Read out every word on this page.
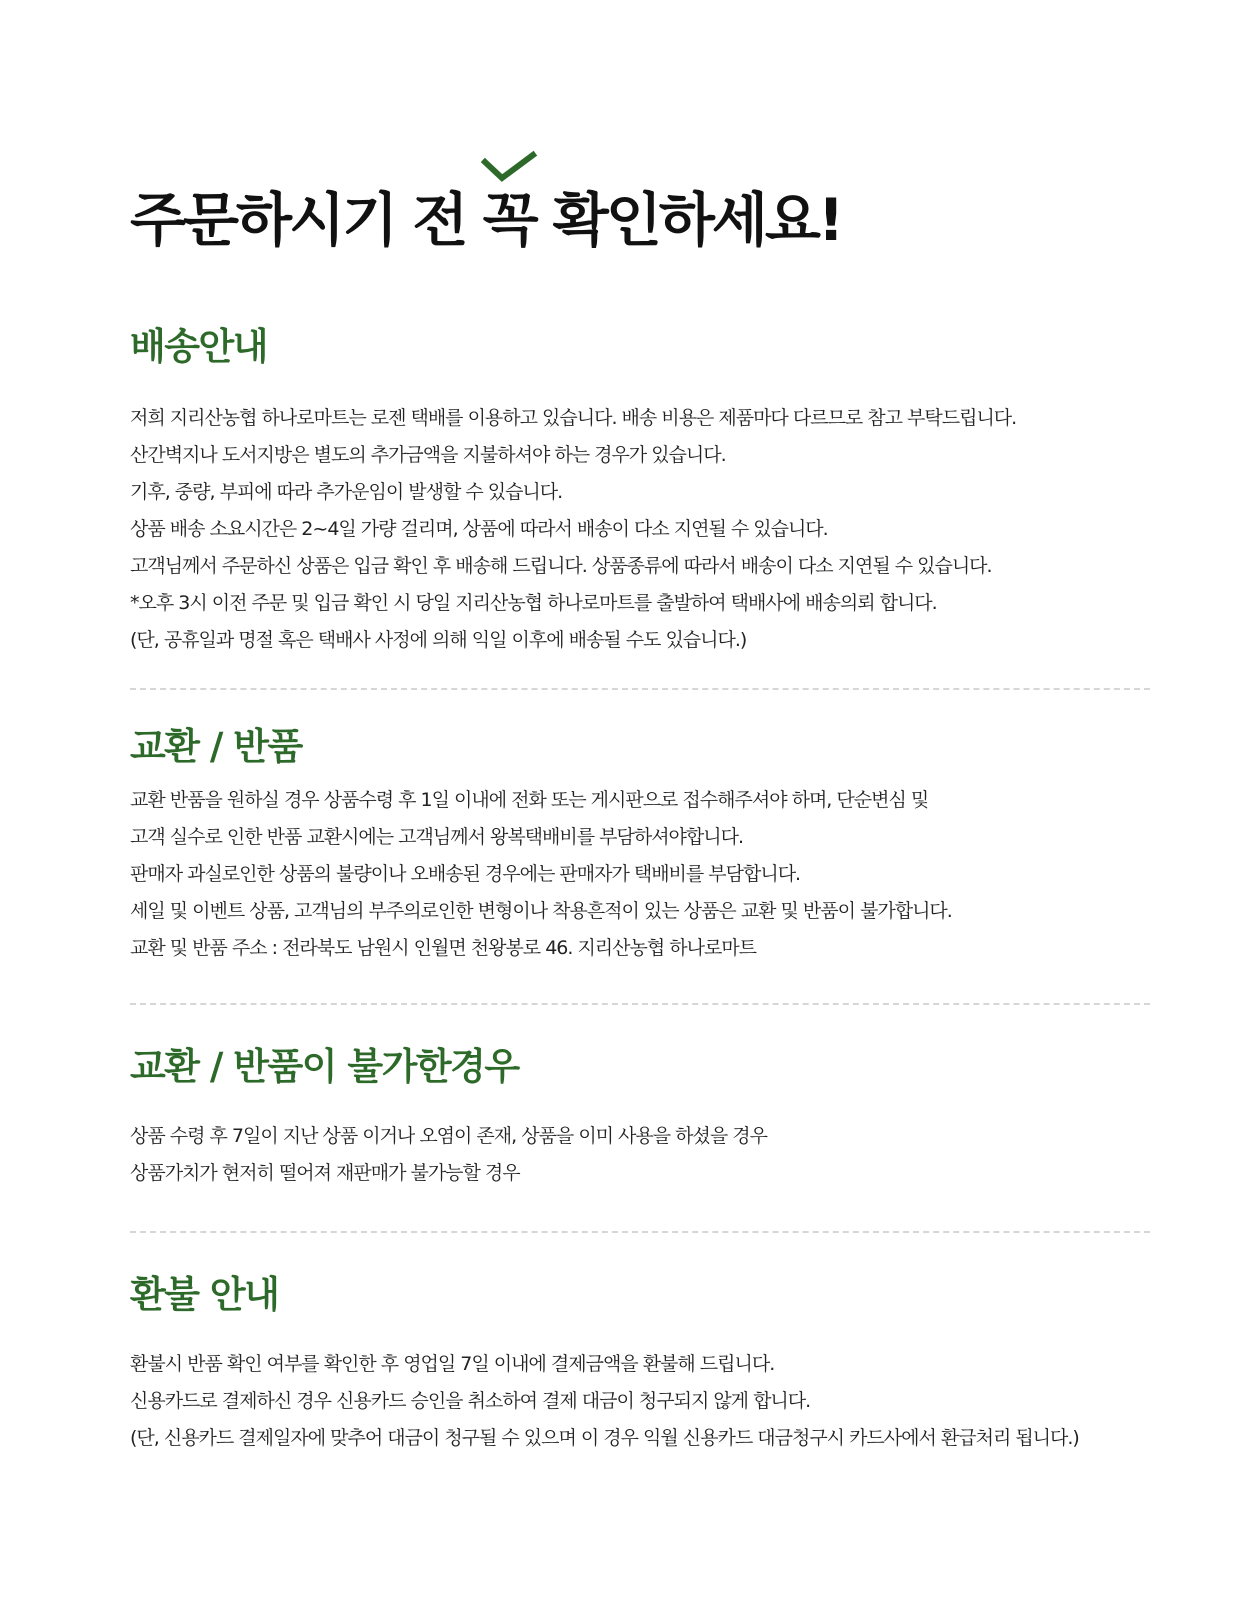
주문하시기 전
꼭 확인하세요!
배송안내
저희 지리산농협 하나로마트는 로젠 택배를 이용하고 있습니다. 배송 비용은 제품마다 다르므로 참고 부탁드립니다.
산간벽지나 도서지방은 별도의 추가금액을 지불하셔야 하는 경우가 있습니다.
기후, 중량, 부피에 따라 추가운임이 발생할 수 있습니다.
상품 배송 소요시간은 2~4일 가량 걸리며, 상품에 따라서 배송이 다소 지연될 수 있습니다.
고객님께서 주문하신 상품은 입금 확인 후 배송해 드립니다. 상품종류에 따라서 배송이 다소 지연될 수 있습니다.
*오후 3시 이전 주문 및 입금 확인 시 당일 지리산농협 하나로마트를 출발하여 택배사에 배송의뢰 합니다.
(단, 공휴일과 명절 혹은 택배사 사정에 의해 익일 이후에 배송될 수도 있습니다.)
교환 / 반품
교환 반품을 원하실 경우 상품수령 후 1일 이내에 전화 또는 게시판으로 접수해주셔야 하며, 단순변심 및
고객 실수로 인한 반품 교환시에는 고객님께서 왕복택배비를 부담하셔야합니다.
판매자 과실로인한 상품의 불량이나 오배송된 경우에는 판매자가 택배비를 부담합니다.
세일 및 이벤트 상품, 고객님의 부주의로인한 변형이나 착용흔적이 있는 상품은 교환 및 반품이 불가합니다.
교환 및 반품 주소 : 전라북도 남원시 인월면 천왕봉로 46. 지리산농협 하나로마트
교환 / 반품이 불가한경우
상품 수령 후 7일이 지난 상품 이거나 오염이 존재, 상품을 이미 사용을 하셨을 경우
상품가치가 현저히 떨어져 재판매가 불가능할 경우
환불 안내
환불시 반품 확인 여부를 확인한 후 영업일 7일 이내에 결제금액을 환불해 드립니다.
신용카드로 결제하신 경우 신용카드 승인을 취소하여 결제 대금이 청구되지 않게 합니다.
(단, 신용카드 결제일자에 맞추어 대금이 청구될 수 있으며 이 경우 익월 신용카드 대금청구시 카드사에서 환급처리 됩니다.)
